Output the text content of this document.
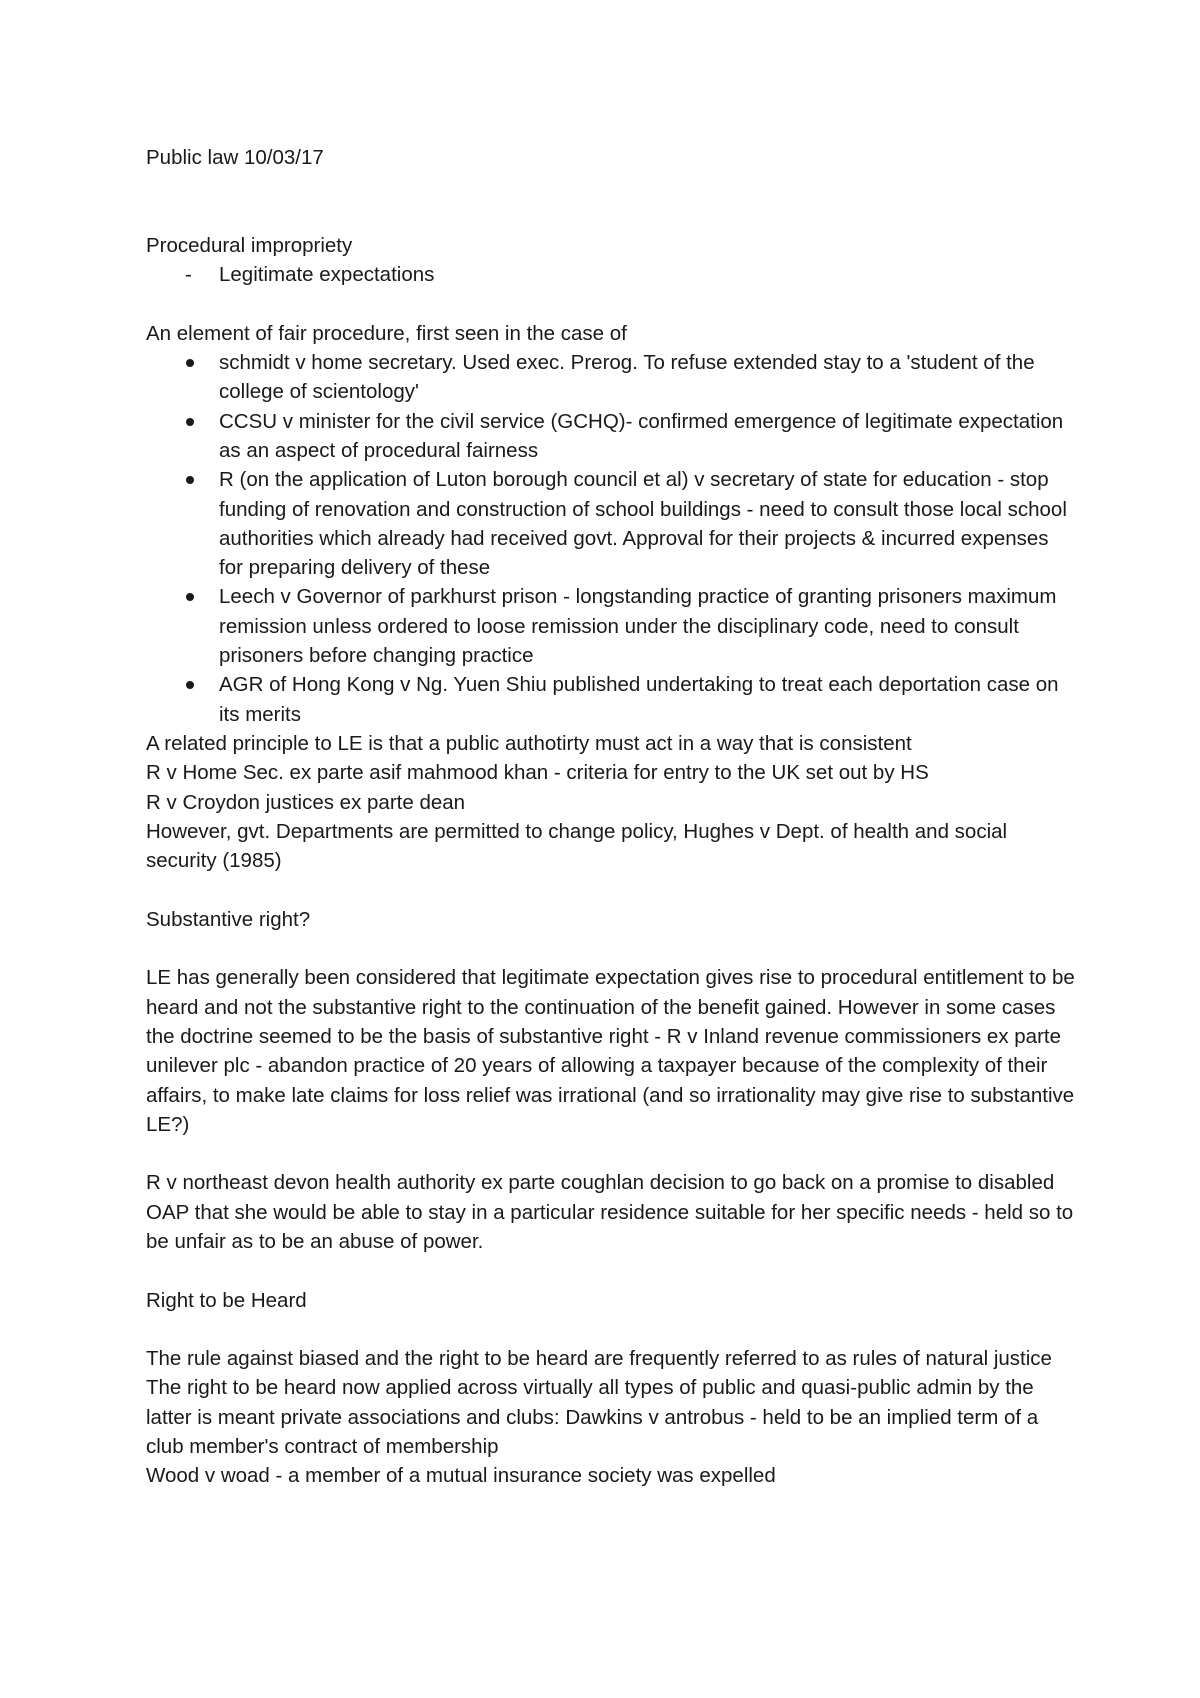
Public law 10/03/17

Procedural impropriety

- Legitimate expectations

An element of fair procedure, first seen in the case of

schmidt v home secretary. Used exec. Prerog. To refuse extended stay to a 'student of the college of scientology'
CCSU v minister for the civil service (GCHQ)- confirmed emergence of legitimate expectation as an aspect of procedural fairness
R (on the application of Luton borough council et al) v secretary of state for education - stop funding of renovation and construction of school buildings - need to consult those local school authorities which already had received govt. Approval for their projects & incurred expenses for preparing delivery of these
Leech v Governor of parkhurst prison - longstanding practice of granting prisoners maximum remission unless ordered to loose remission under the disciplinary code, need to consult prisoners before changing practice
AGR of Hong Kong v Ng. Yuen Shiu published undertaking to treat each deportation case on its merits

A related principle to LE is that a public authotirty must act in a way that is consistent

R v Home Sec. ex parte asif mahmood khan - criteria for entry to the UK set out by HS

R v Croydon justices ex parte dean

However, gvt. Departments are permitted to change policy, Hughes v Dept. of health and social security (1985)

Substantive right?

LE has generally been considered that legitimate expectation gives rise to procedural entitlement to be heard and not the substantive right to the continuation of the benefit gained. However in some cases the doctrine seemed to be the basis of substantive right - R v Inland revenue commissioners ex parte unilever plc - abandon practice of 20 years of allowing a taxpayer because of the complexity of their affairs, to make late claims for loss relief was irrational (and so irrationality may give rise to substantive LE?)

R v northeast devon health authority ex parte coughlan decision to go back on a promise to disabled OAP that she would be able to stay in a particular residence suitable for her specific needs - held so to be unfair as to be an abuse of power.

Right to be Heard

The rule against biased and the right to be heard are frequently referred to as rules of natural justice

The right to be heard now applied across virtually all types of public and quasi-public admin by the latter is meant private associations and clubs: Dawkins v antrobus - held to be an implied term of a club member's contract of membership

Wood v woad - a member of a mutual insurance society was expelled
